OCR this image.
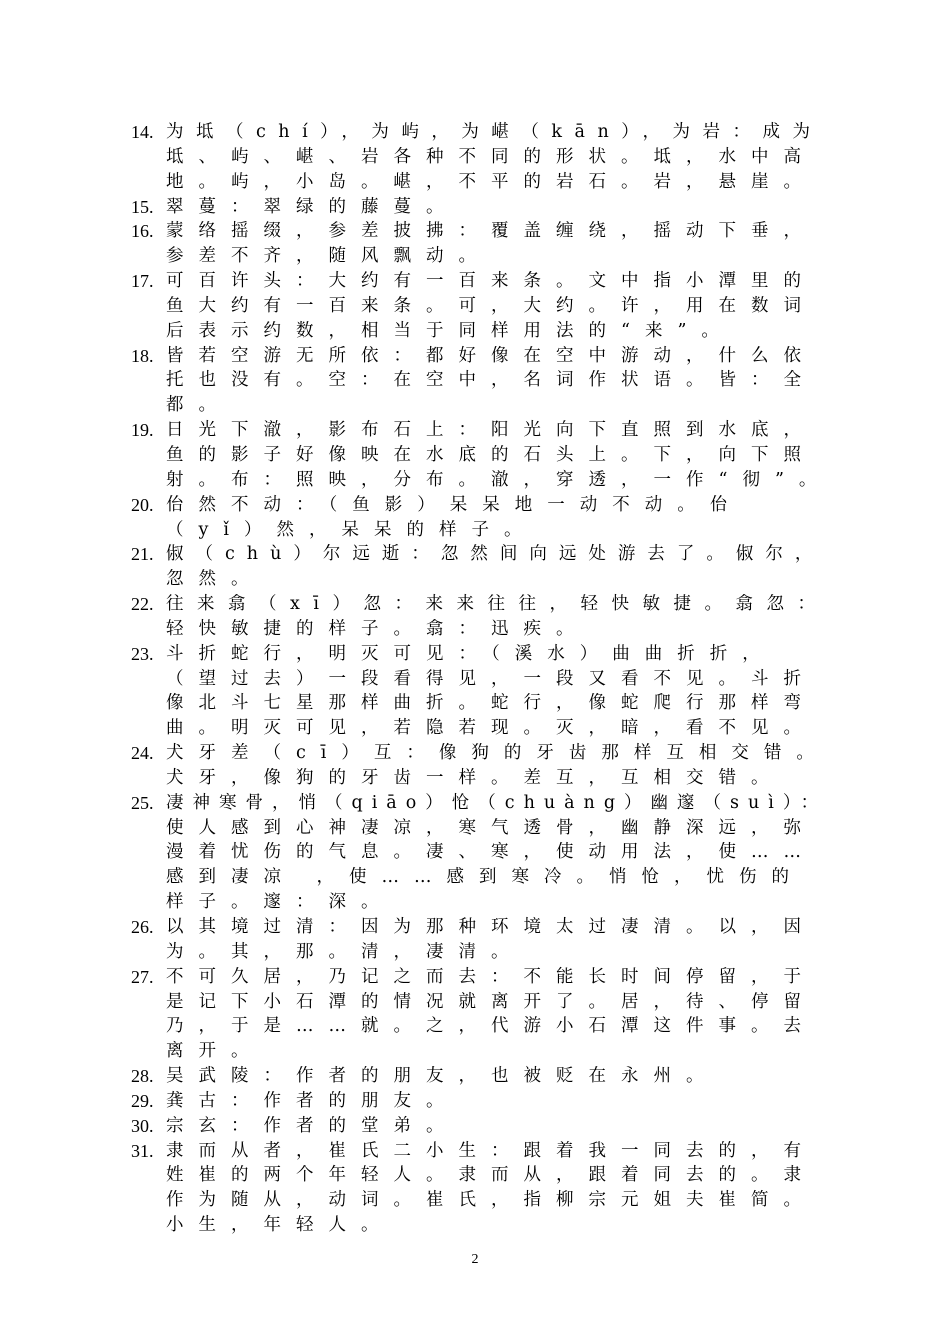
14. 为坻（chí），为屿，为嵁（kān），为岩：成为
坻、屿、嵁、岩各种不同的形状。坻，水中高
地。屿，小岛。嵁，不平的岩石。岩，悬崖。
15. 翠蔓：翠绿的藤蔓。
16. 蒙络摇缀，参差披拂：覆盖缠绕，摇动下垂，
参差不齐，随风飘动。
17. 可百许头：大约有一百来条。文中指小潭里的
鱼大约有一百来条。可，大约。许，用在数词
后表示约数，相当于同样用法的“来”。
18. 皆若空游无所依：都好像在空中游动，什么依
托也没有。空：在空中，名词作状语。皆：全
都。
19. 日光下澈，影布石上：阳光向下直照到水底，
鱼的影子好像映在水底的石头上。下，向下照
射。布：照映，分布。澈，穿透，一作“彻”。
20. 佁然不动：（鱼影）呆呆地一动不动。佁
（yǐ）然，呆呆的样子。
21. 俶（chù）尔远逝：忽然间向远处游去了。俶尔，
忽然。
22. 往来翕（xī）忽：来来往往，轻快敏捷。翕忽：
轻快敏捷的样子。翕：迅疾。
23. 斗折蛇行，明灭可见：（溪水）曲曲折折，
（望过去）一段看得见，一段又看不见。斗折
像北斗七星那样曲折。蛇行，像蛇爬行那样弯
曲。明灭可见，若隐若现。灭，暗，看不见。
24. 犬牙差（cī）互：像狗的牙齿那样互相交错。
犬牙，像狗的牙齿一样。差互，互相交错。
25. 凄神寒骨，悄（qiāo）怆（chuàng）幽邃（suì）：
使人感到心神凄凉，寒气透骨，幽静深远，弥
漫着忧伤的气息。凄、寒，使动用法，使……
感到凄凉 ，使……感到寒冷。悄怆，忧伤的
样子。邃：深。
26. 以其境过清：因为那种环境太过凄清。以，因
为。其，那。清，凄清。
27. 不可久居，乃记之而去：不能长时间停留，于
是记下小石潭的情况就离开了。居，待、停留
乃，于是……就。之，代游小石潭这件事。去
离开。
28. 吴武陵：作者的朋友，也被贬在永州。
29. 龚古：作者的朋友。
30. 宗玄：作者的堂弟。
31. 隶而从者，崔氏二小生：跟着我一同去的，有
姓崔的两个年轻人。隶而从，跟着同去的。隶
作为随从，动词。崔氏，指柳宗元姐夫崔简。
小生，年轻人。
2
